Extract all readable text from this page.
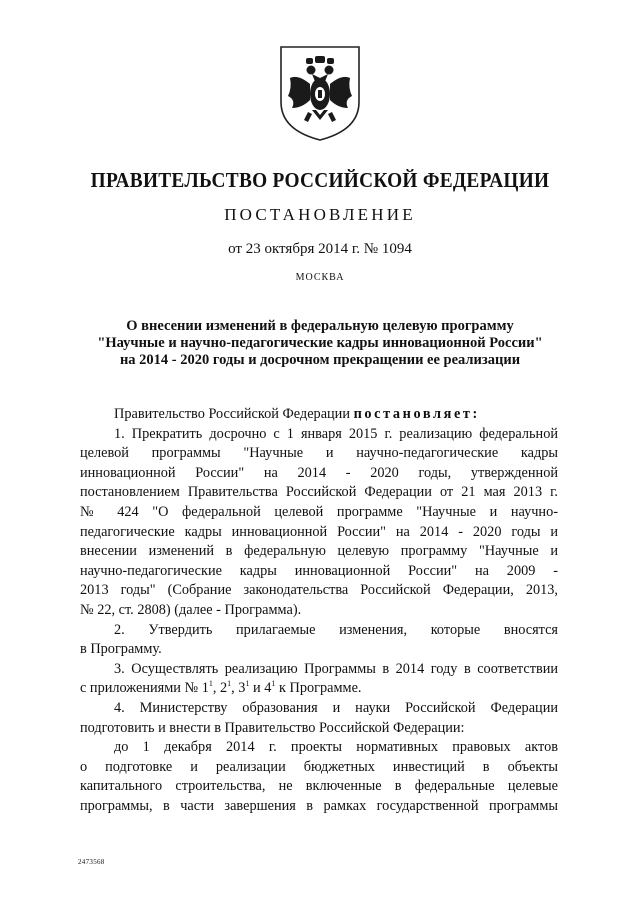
ПРАВИТЕЛЬСТВО РОССИЙСКОЙ ФЕДЕРАЦИИ
ПОСТАНОВЛЕНИЕ
от 23 октября 2014 г. № 1094
МОСКВА
О внесении изменений в федеральную целевую программу
"Научные и научно-педагогические кадры инновационной России"
на 2014 - 2020 годы и досрочном прекращении ее реализации
Правительство Российской Федерации постановляет:
1. Прекратить досрочно с 1 января 2015 г. реализацию федеральной
целевой программы "Научные и научно-педагогические кадры
инновационной России" на 2014 - 2020 годы, утвержденной
постановлением Правительства Российской Федерации от 21 мая 2013 г.
№ 424 "О федеральной целевой программе "Научные и научно-
педагогические кадры инновационной России" на 2014 - 2020 годы и
внесении изменений в федеральную целевую программу "Научные и
научно-педагогические кадры инновационной России" на 2009 -
2013 годы" (Собрание законодательства Российской Федерации, 2013,
№ 22, ст. 2808) (далее - Программа).
2. Утвердить прилагаемые изменения, которые вносятся
в Программу.
3. Осуществлять реализацию Программы в 2014 году в соответствии
с приложениями № $1^1$, $2^1$, $3^1$ и $4^1$ к Программе.
4. Министерству образования и науки Российской Федерации
подготовить и внести в Правительство Российской Федерации:
до 1 декабря 2014 г. проекты нормативных правовых актов
о подготовке и реализации бюджетных инвестиций в объекты
капитального строительства, не включенные в федеральные целевые
программы, в части завершения в рамках государственной программы
2473568
